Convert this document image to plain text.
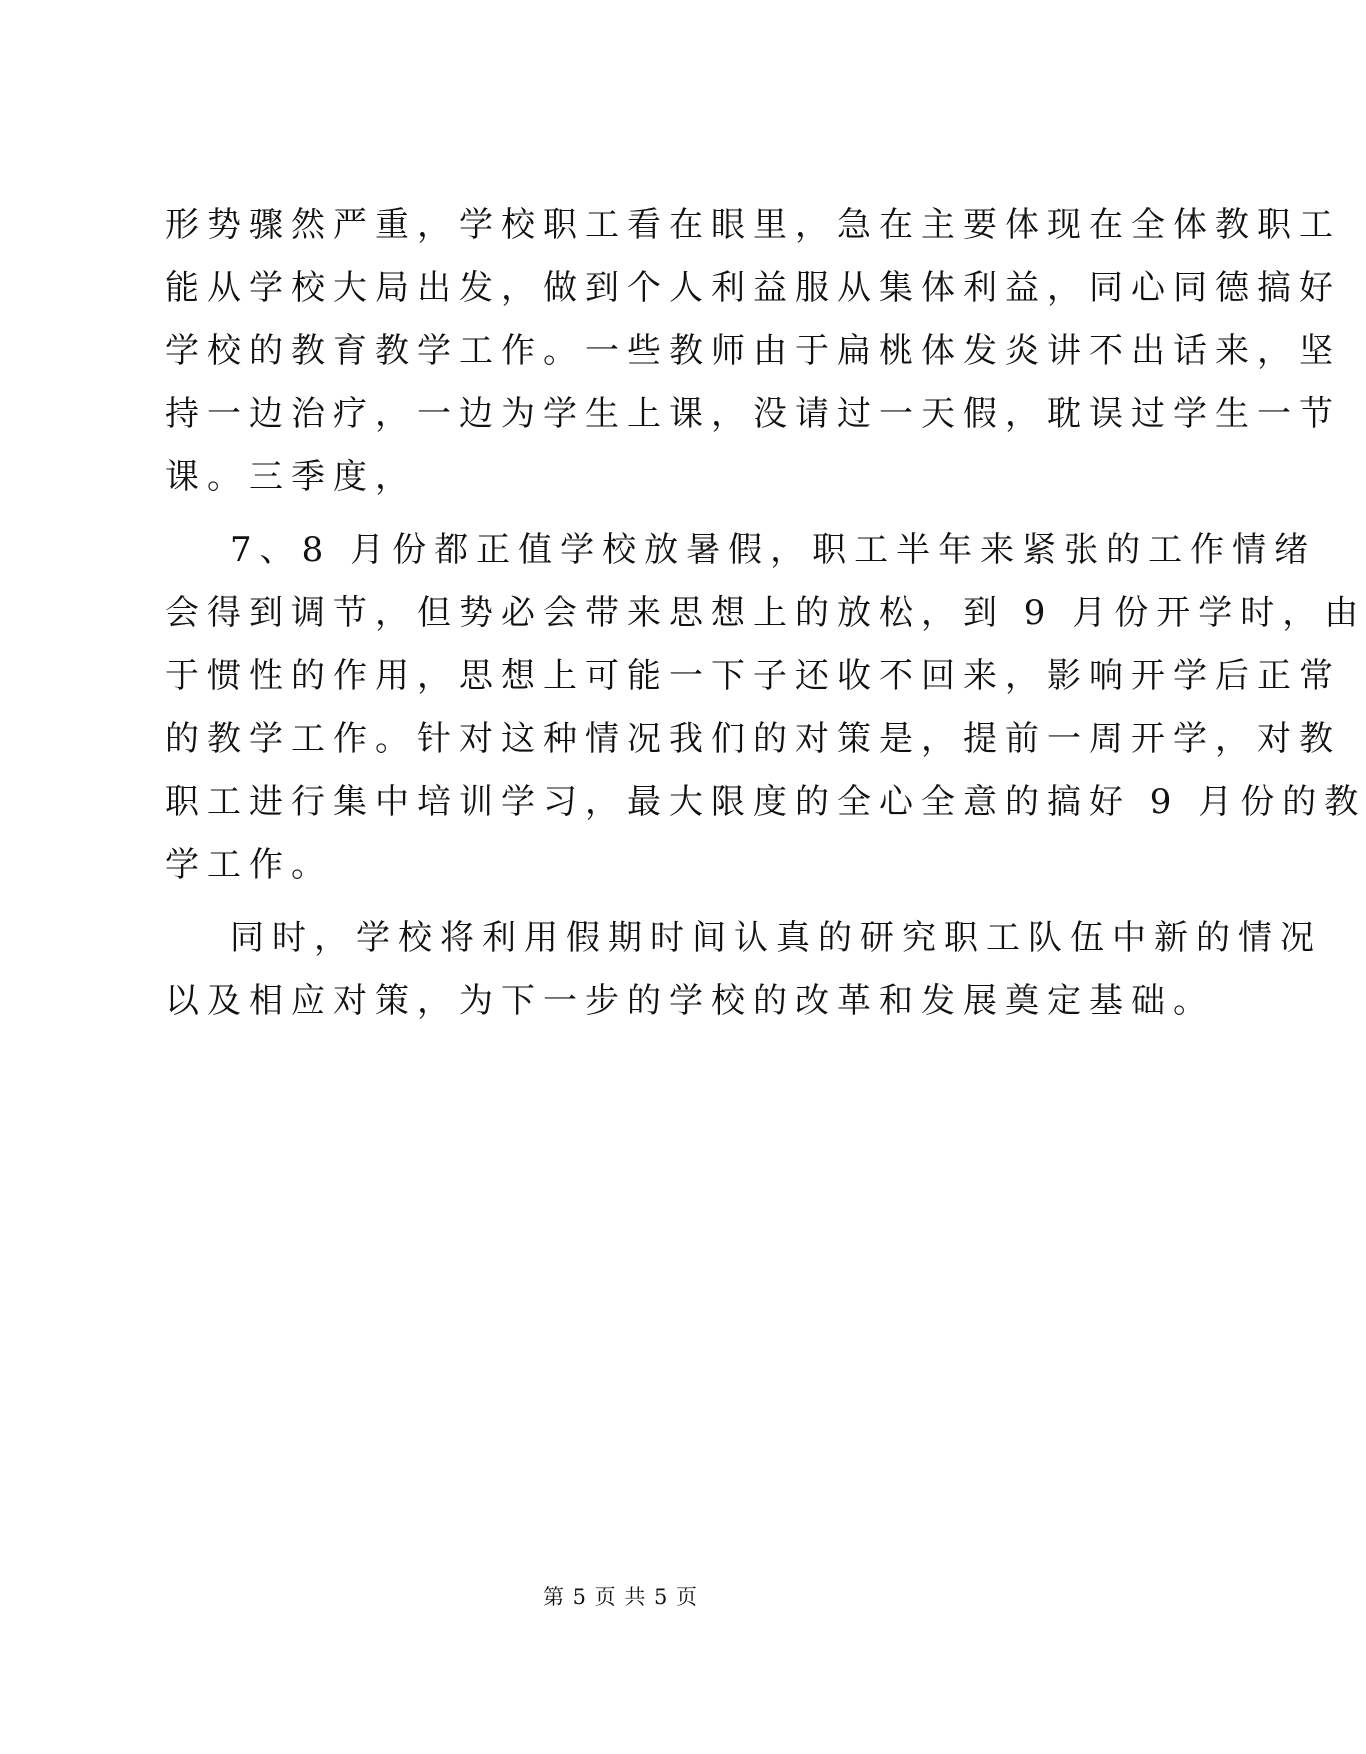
形势骤然严重，学校职工看在眼里，急在主要体现在全体教职工
能从学校大局出发，做到个人利益服从集体利益，同心同德搞好
学校的教育教学工作。一些教师由于扁桃体发炎讲不出话来，坚
持一边治疗，一边为学生上课，没请过一天假，耽误过学生一节
课。三季度，
7、8 月份都正值学校放暑假，职工半年来紧张的工作情绪
会得到调节，但势必会带来思想上的放松，到 9 月份开学时，由
于惯性的作用，思想上可能一下子还收不回来，影响开学后正常
的教学工作。针对这种情况我们的对策是，提前一周开学，对教
职工进行集中培训学习，最大限度的全心全意的搞好 9 月份的教
学工作。
同时，学校将利用假期时间认真的研究职工队伍中新的情况
以及相应对策，为下一步的学校的改革和发展奠定基础。
第 5 页 共 5 页
